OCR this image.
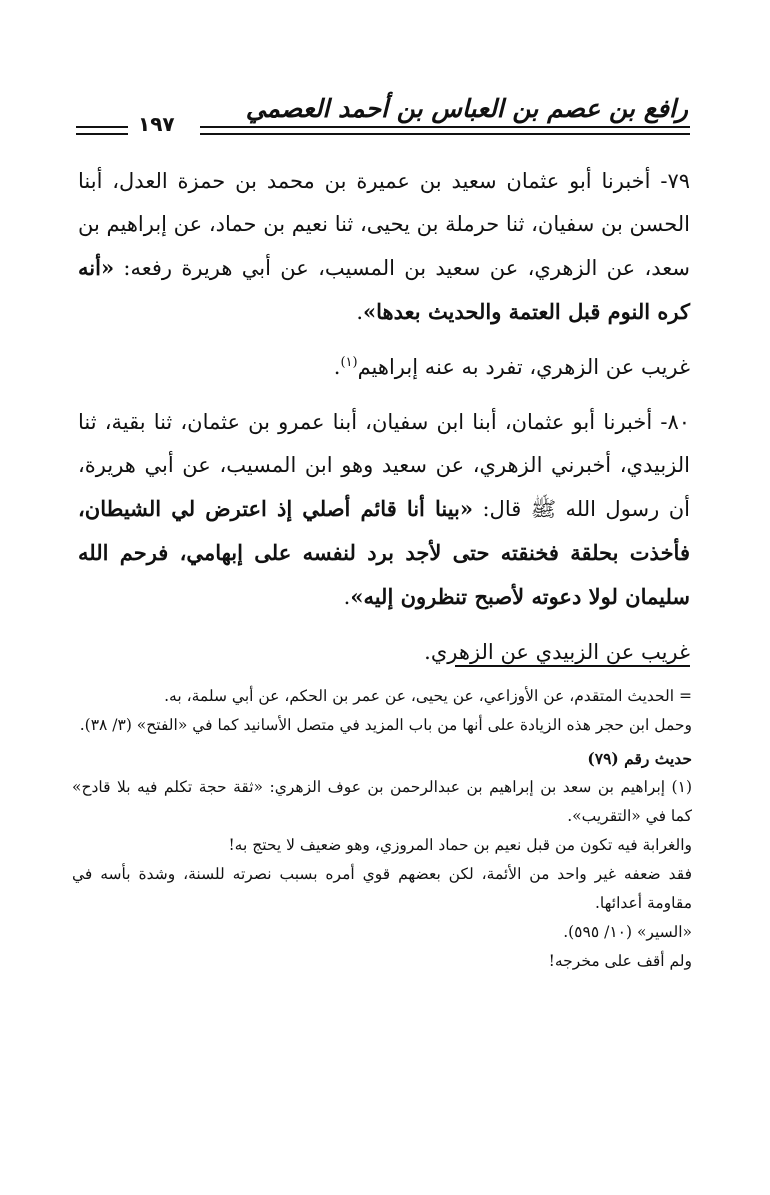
رافع بن عصم بن العباس بن أحمد العصمي
١٩٧

٧٩- أخبرنا أبو عثمان سعيد بن عميرة بن محمد بن حمزة العدل، أبنا الحسن بن سفيان، ثنا حرملة بن يحيى، ثنا نعيم بن حماد، عن إبراهيم بن سعد، عن الزهري، عن سعيد بن المسيب، عن أبي هريرة رفعه: «أنه كره النوم قبل العتمة والحديث بعدها».

غريب عن الزهري، تفرد به عنه إبراهيم$^{(١)}$.

٨٠- أخبرنا أبو عثمان، أبنا ابن سفيان، أبنا عمرو بن عثمان، ثنا بقية، ثنا الزبيدي، أخبرني الزهري، عن سعيد وهو ابن المسيب، عن أبي هريرة، أن رسول الله ﷺ قال: «بينا أنا قائم أصلي إذ اعترض لي الشيطان، فأخذت بحلقة فخنقته حتى لأجد برد لنفسه على إبهامي، فرحم الله سليمان لولا دعوته لأصبح تنظرون إليه».

غريب عن الزبيدي عن الزهري.

= الحديث المتقدم، عن الأوزاعي، عن يحيى، عن عمر بن الحكم، عن أبي سلمة، به.

وحمل ابن حجر هذه الزيادة على أنها من باب المزيد في متصل الأسانيد كما في «الفتح» (٣/ ٣٨).

حديث رقم (٧٩)

(١) إبراهيم بن سعد بن إبراهيم بن عبدالرحمن بن عوف الزهري: «ثقة حجة تكلم فيه بلا قادح» كما في «التقريب».

والغرابة فيه تكون من قبل نعيم بن حماد المروزي، وهو ضعيف لا يحتج به!

فقد ضعفه غير واحد من الأئمة، لكن بعضهم قوي أمره بسبب نصرته للسنة، وشدة بأسه في مقاومة أعدائها.

«السير» (١٠/ ٥٩٥).

ولم أقف على مخرجه!
